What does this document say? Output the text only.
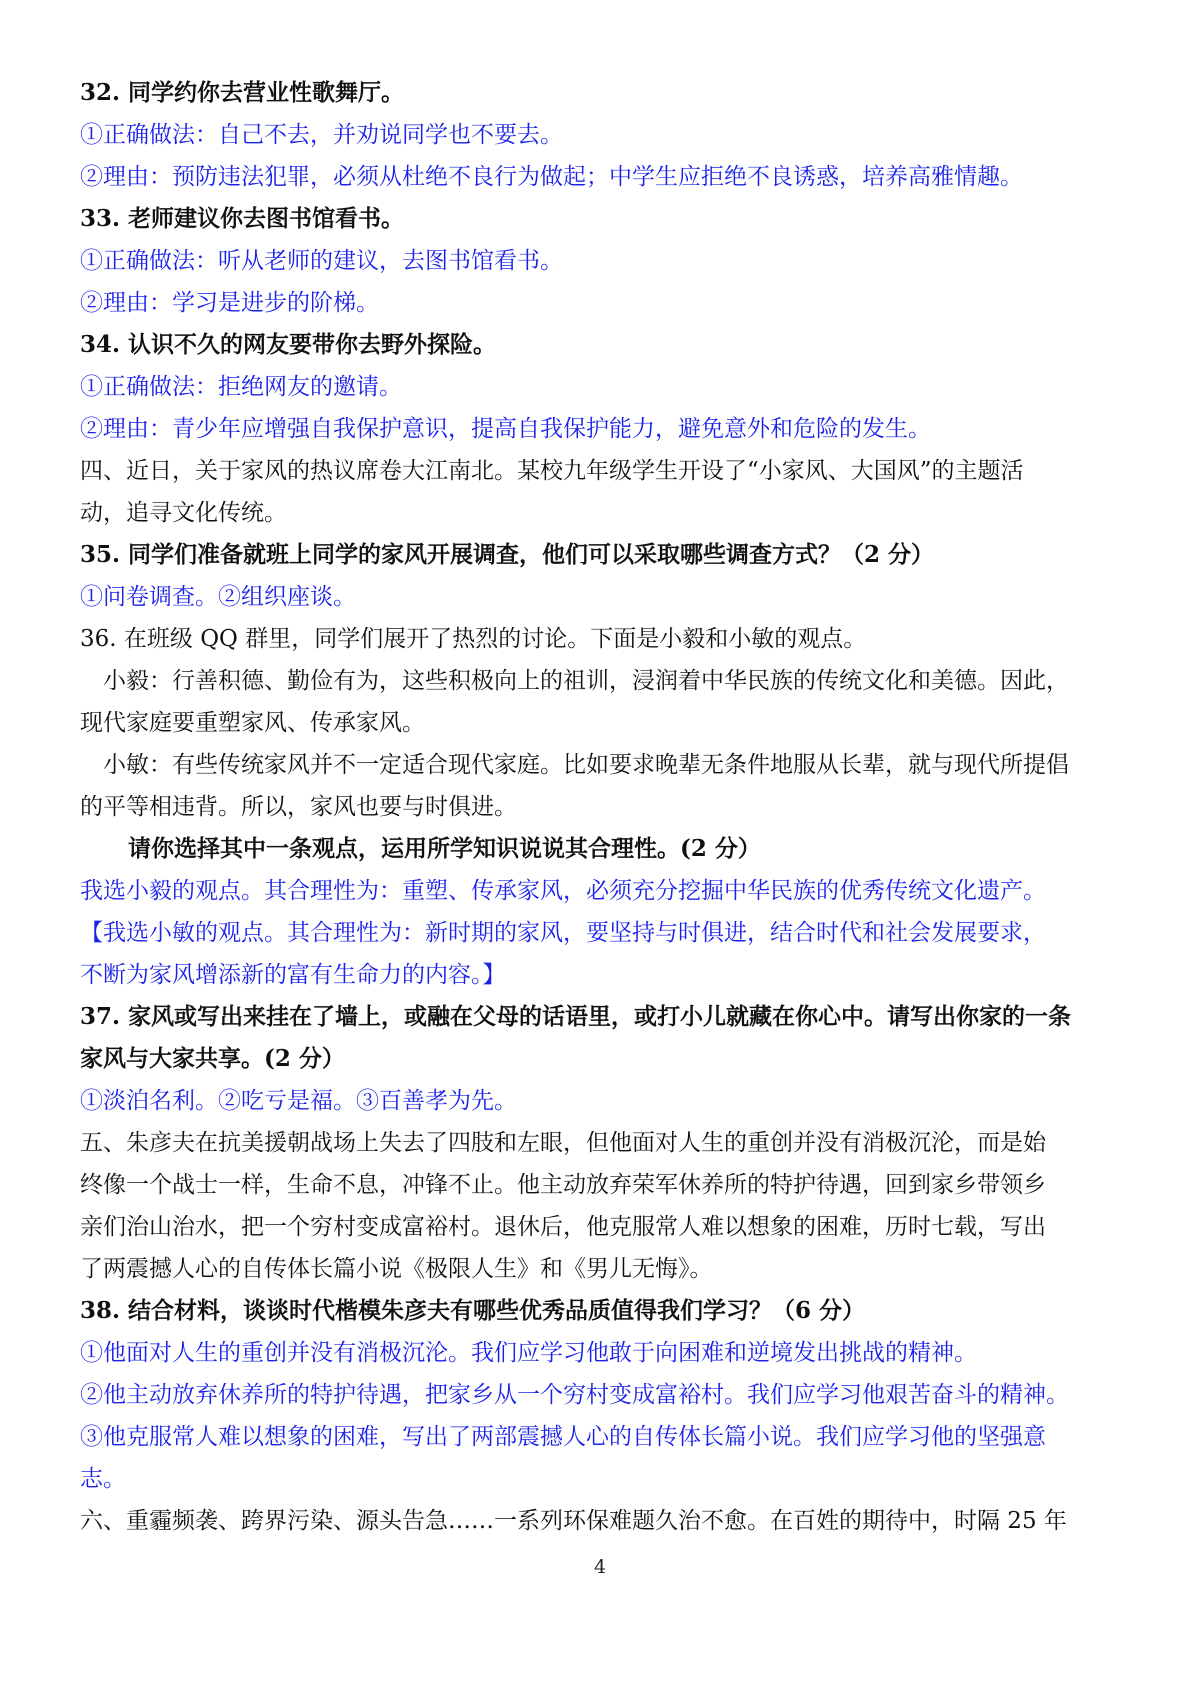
32. 同学约你去营业性歌舞厅。
①正确做法：自己不去，并劝说同学也不要去。
②理由：预防违法犯罪，必须从杜绝不良行为做起；中学生应拒绝不良诱惑，培养高雅情趣。
33. 老师建议你去图书馆看书。
①正确做法：听从老师的建议，去图书馆看书。
②理由：学习是进步的阶梯。
34. 认识不久的网友要带你去野外探险。
①正确做法：拒绝网友的邀请。
②理由：青少年应增强自我保护意识，提高自我保护能力，避免意外和危险的发生。
四、近日，关于家风的热议席卷大江南北。某校九年级学生开设了“小家风、大国风”的主题活
动，追寻文化传统。
35. 同学们准备就班上同学的家风开展调查，他们可以采取哪些调查方式？（2 分）
①问卷调查。②组织座谈。
36. 在班级 QQ 群里，同学们展开了热烈的讨论。下面是小毅和小敏的观点。
小毅：行善积德、勤俭有为，这些积极向上的祖训，浸润着中华民族的传统文化和美德。因此，
现代家庭要重塑家风、传承家风。
小敏：有些传统家风并不一定适合现代家庭。比如要求晚辈无条件地服从长辈，就与现代所提倡
的平等相违背。所以，家风也要与时俱进。
请你选择其中一条观点，运用所学知识说说其合理性。(2 分）
我选小毅的观点。其合理性为：重塑、传承家风，必须充分挖掘中华民族的优秀传统文化遗产。
【我选小敏的观点。其合理性为：新时期的家风，要坚持与时俱进，结合时代和社会发展要求，
不断为家风增添新的富有生命力的内容。】
37. 家风或写出来挂在了墙上，或融在父母的话语里，或打小儿就藏在你心中。请写出你家的一条
家风与大家共享。(2 分）
①淡泊名利。②吃亏是福。③百善孝为先。
五、朱彦夫在抗美援朝战场上失去了四肢和左眼，但他面对人生的重创并没有消极沉沦，而是始
终像一个战士一样，生命不息，冲锋不止。他主动放弃荣军休养所的特护待遇，回到家乡带领乡
亲们治山治水，把一个穷村变成富裕村。退休后，他克服常人难以想象的困难，历时七载，写出
了两震撼人心的自传体长篇小说《极限人生》和《男儿无悔》。
38. 结合材料，谈谈时代楷模朱彦夫有哪些优秀品质值得我们学习？（6 分）
①他面对人生的重创并没有消极沉沦。我们应学习他敢于向困难和逆境发出挑战的精神。
②他主动放弃休养所的特护待遇，把家乡从一个穷村变成富裕村。我们应学习他艰苦奋斗的精神。
③他克服常人难以想象的困难，写出了两部震撼人心的自传体长篇小说。我们应学习他的坚强意
志。
六、重霾频袭、跨界污染、源头告急……一系列环保难题久治不愈。在百姓的期待中，时隔 25 年
4
